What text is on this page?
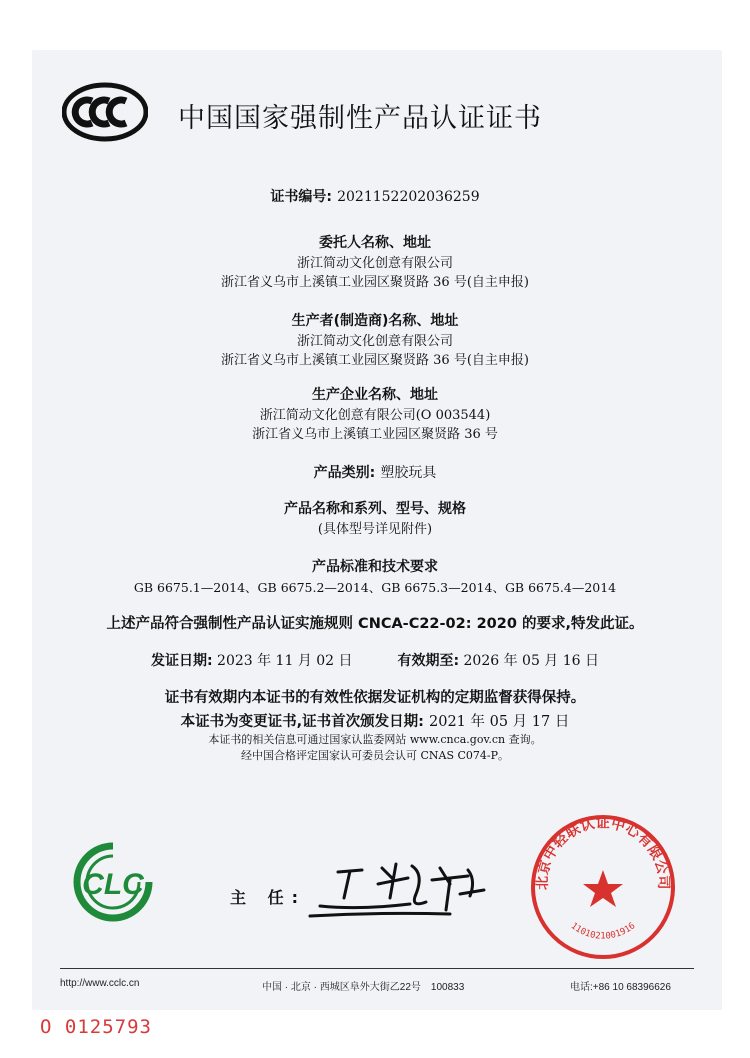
中国国家强制性产品认证证书
证书编号: 2021152202036259
委托人名称、地址
浙江简动文化创意有限公司
浙江省义乌市上溪镇工业园区聚贤路 36 号(自主申报)
生产者(制造商)名称、地址
浙江简动文化创意有限公司
浙江省义乌市上溪镇工业园区聚贤路 36 号(自主申报)
生产企业名称、地址
浙江简动文化创意有限公司(O 003544)
浙江省义乌市上溪镇工业园区聚贤路 36 号
产品类别: 塑胶玩具
产品名称和系列、型号、规格
(具体型号详见附件)
产品标准和技术要求
GB 6675.1—2014、GB 6675.2—2014、GB 6675.3—2014、GB 6675.4—2014
上述产品符合强制性产品认证实施规则 CNCA-C22-02: 2020 的要求,特发此证。
发证日期: 2023 年 11 月 02 日	有效期至: 2026 年 05 月 16 日
证书有效期内本证书的有效性依据发证机构的定期监督获得保持。
本证书为变更证书,证书首次颁发日期: 2021 年 05 月 17 日
本证书的相关信息可通过国家认监委网站 www.cnca.gov.cn 查询。
经中国合格评定国家认可委员会认可 CNAS C074-P。
CLC	主 任:
北京中轻联认证中心有限公司
1101021001916
http://www.cclc.cn	中国 · 北京 · 西城区阜外大街乙22号　100833	电话:+86 10 68396626
O 0125793
